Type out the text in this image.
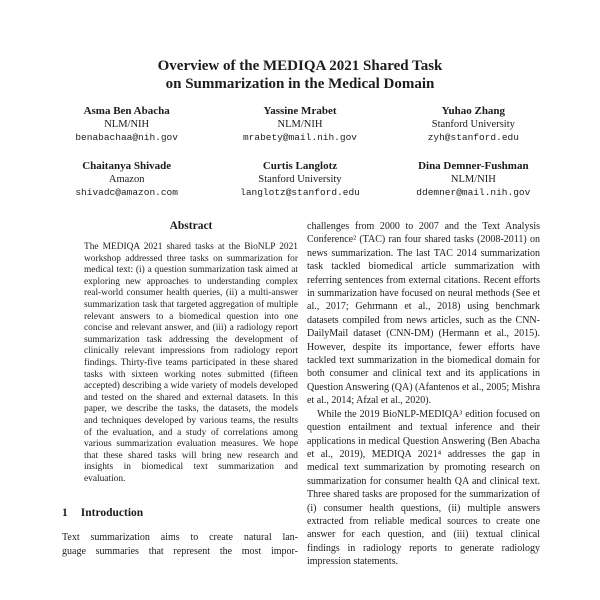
Overview of the MEDIQA 2021 Shared Task
on Summarization in the Medical Domain
Asma Ben Abacha
NLM/NIH
benabachaa@nih.gov
Yassine Mrabet
NLM/NIH
mrabety@mail.nih.gov
Yuhao Zhang
Stanford University
zyh@stanford.edu
Chaitanya Shivade
Amazon
shivadc@amazon.com
Curtis Langlotz
Stanford University
langlotz@stanford.edu
Dina Demner-Fushman
NLM/NIH
ddemner@mail.nih.gov
Abstract
The MEDIQA 2021 shared tasks at the BioNLP 2021 workshop addressed three tasks on summarization for medical text: (i) a question summarization task aimed at exploring new approaches to understanding complex real-world consumer health queries, (ii) a multi-answer summarization task that targeted aggregation of multiple relevant answers to a biomedical question into one concise and relevant answer, and (iii) a radiology report summarization task addressing the development of clinically relevant impressions from radiology report findings. Thirty-five teams participated in these shared tasks with sixteen working notes submitted (fifteen accepted) describing a wide variety of models developed and tested on the shared and external datasets. In this paper, we describe the tasks, the datasets, the models and techniques developed by various teams, the results of the evaluation, and a study of correlations among various summarization evaluation measures. We hope that these shared tasks will bring new research and insights in biomedical text summarization and evaluation.
1 Introduction
Text summarization aims to create natural lan-
guage summaries that represent the most impor-

challenges from 2000 to 2007 and the Text Analysis Conference² (TAC) ran four shared tasks (2008-2011) on news summarization. The last TAC 2014 summarization task tackled biomedical article summarization with referring sentences from external citations. Recent efforts in summarization have focused on neural methods (See et al., 2017; Gehrmann et al., 2018) using benchmark datasets compiled from news articles, such as the CNN-DailyMail dataset (CNN-DM) (Hermann et al., 2015). However, despite its importance, fewer efforts have tackled text summarization in the biomedical domain for both consumer and clinical text and its applications in Question Answering (QA) (Afantenos et al., 2005; Mishra et al., 2014; Afzal et al., 2020).

While the 2019 BioNLP-MEDIQA³ edition focused on question entailment and textual inference and their applications in medical Question Answering (Ben Abacha et al., 2019), MEDIQA 2021⁴ addresses the gap in medical text summarization by promoting research on summarization for consumer health QA and clinical text. Three shared tasks are proposed for the summarization of (i) consumer health questions, (ii) multiple answers extracted from reliable medical sources to create one answer for each question, and (iii) textual clinical findings in radiology reports to generate radiology impression statements.
